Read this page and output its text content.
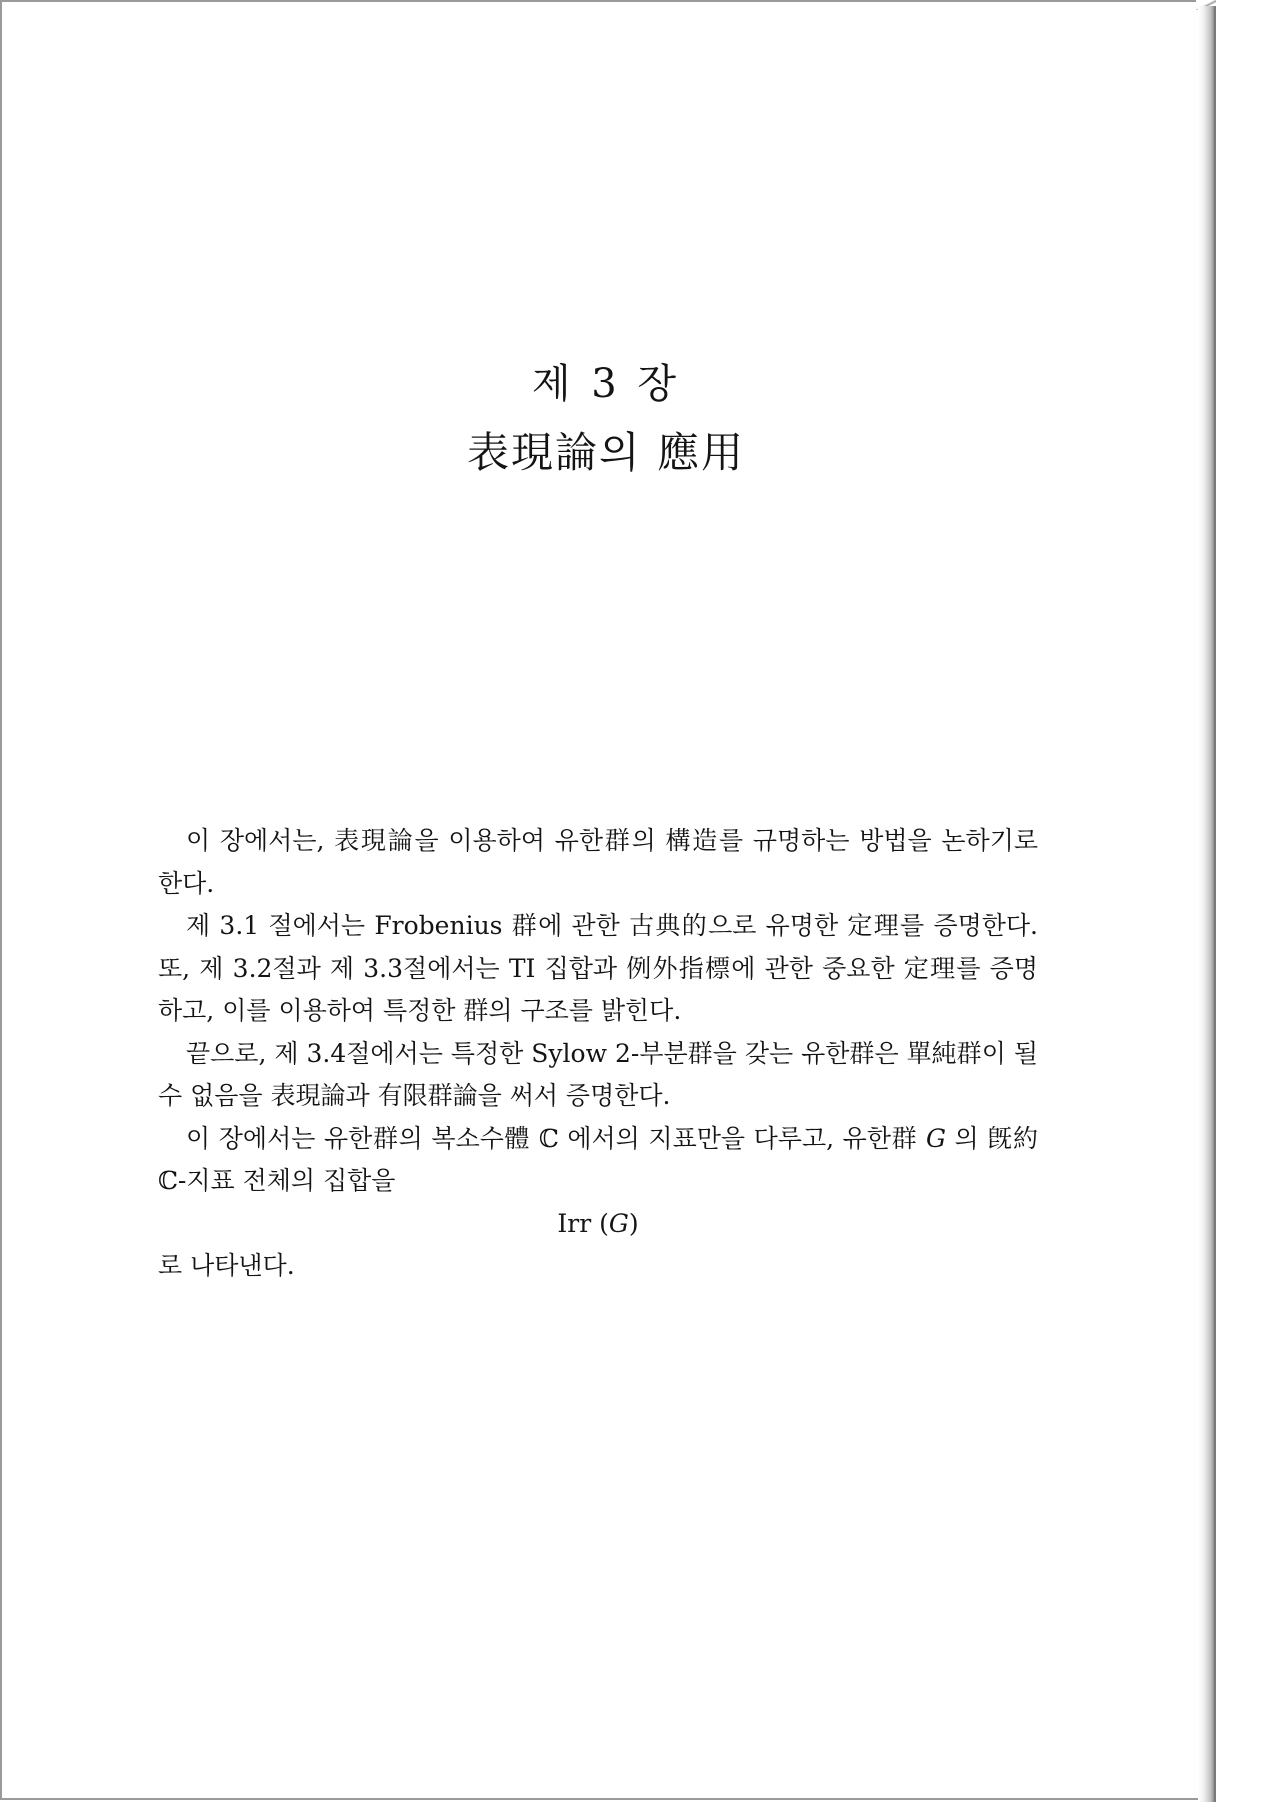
제 3 장
表現論의 應用

이 장에서는, 表現論을 이용하여 유한群의 構造를 규명하는 방법을 논하기로 한다.

제 3.1 절에서는 Frobenius 群에 관한 古典的으로 유명한 定理를 증명한다. 또, 제 3.2절과 제 3.3절에서는 TI 집합과 例外指標에 관한 중요한 定理를 증명하고, 이를 이용하여 특정한 群의 구조를 밝힌다.

끝으로, 제 3.4절에서는 특정한 Sylow 2-부분群을 갖는 유한群은 單純群이 될 수 없음을 表現論과 有限群論을 써서 증명한다.

이 장에서는 유한群의 복소수體 ℂ 에서의 지표만을 다루고, 유한群 G 의 旣約 ℂ-지표 전체의 집합을

Irr (G)

로 나타낸다.
